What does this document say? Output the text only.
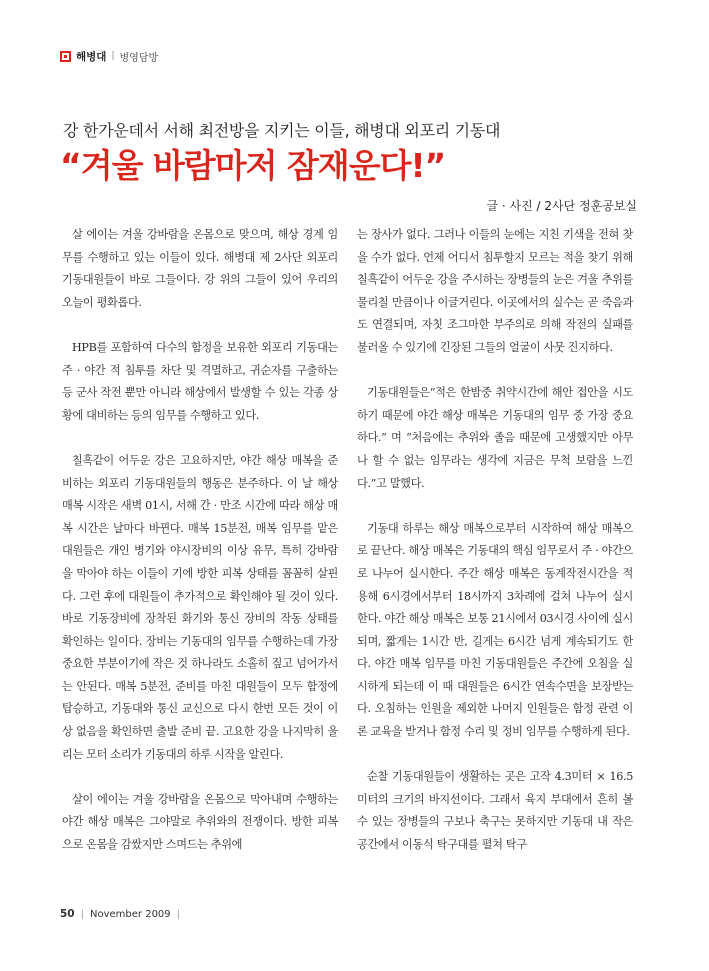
해병대 | 병영담방
강 한가운데서 서해 최전방을 지키는 이들, 해병대 외포리 기동대
“겨울 바람마저 잠재운다!”
글 · 사진 / 2사단 정훈공보실

살 에이는 겨울 강바람을 온몸으로 맞으며, 해상 경계 임무를 수행하고 있는 이들이 있다. 해병대 제 2사단 외포리 기동대원들이 바로 그들이다. 강 위의 그들이 있어 우리의 오늘이 평화롭다.

HPB를 포함하여 다수의 함정을 보유한 외포리 기동대는 주 · 야간 적 침투를 차단 및 격멸하고, 귀순자를 구출하는 등 군사 작전 뿐만 아니라 해상에서 발생할 수 있는 각종 상황에 대비하는 등의 임무를 수행하고 있다.

칠흑같이 어두운 강은 고요하지만, 야간 해상 매복을 준비하는 외포리 기동대원들의 행동은 분주하다. 이 날 해상 매복 시작은 새벽 01시, 서해 간 · 만조 시간에 따라 해상 매복 시간은 날마다 바뀐다. 매복 15분전, 매복 임무를 맡은 대원들은 개인 병기와 야시장비의 이상 유무, 특히 강바람을 막아야 하는 이들이 기에 방한 피복 상태를 꼼꼼히 살핀다. 그런 후에 대원들이 추가적으로 확인해야 될 것이 있다. 바로 기동장비에 장착된 화기와 통신 장비의 작동 상태를 확인하는 일이다. 장비는 기동대의 임무를 수행하는데 가장 중요한 부분이기에 작은 것 하나라도 소홀히 짚고 넘어가서는 안된다. 매복 5분전, 준비를 마친 대원들이 모두 함정에 탑승하고, 기동대와 통신 교신으로 다시 한번 모든 것이 이상 없음을 확인하면 출발 준비 끝. 고요한 강을 나지막히 울리는 모터 소리가 기동대의 하루 시작을 알린다.

살이 에이는 겨울 강바람을 온몸으로 막아내며 수행하는 야간 해상 매복은 그야말로 추위와의 전쟁이다. 방한 피복으로 온몸을 감쌌지만 스며드는 추위에

는 장사가 없다. 그러나 이들의 눈에는 지친 기색을 전혀 찾을 수가 없다. 언제 어디서 침투할지 모르는 적을 찾기 위해 칠흑같이 어두운 강을 주시하는 장병들의 눈은 겨울 추위를 물리칠 만큼이나 이글거린다. 이곳에서의 실수는 곧 죽음과도 연결되며, 자칫 조그마한 부주의로 의해 작전의 실패를 불러올 수 있기에 긴장된 그들의 얼굴이 사뭇 진지하다.

기동대원들은“적은 한밤중 취약시간에 해안 접안을 시도하기 때문에 야간 해상 매복은 기동대의 임무 중 가장 중요하다.” 며 “처음에는 추위와 졸음 때문에 고생했지만 아무나 할 수 없는 임무라는 생각에 지금은 무척 보람을 느낀다.”고 말했다.

기동대 하루는 해상 매복으로부터 시작하여 해상 매복으로 끝난다. 해상 매복은 기동대의 핵심 임무로서 주 · 야간으로 나누어 실시한다. 주간 해상 매복은 동계작전시간을 적용해 6시경에서부터 18시까지 3차례에 걸쳐 나누어 실시한다. 야간 해상 매복은 보통 21시에서 03시경 사이에 실시되며, 짧게는 1시간 반, 길게는 6시간 넘게 계속되기도 한다. 야간 매복 임무를 마친 기동대원들은 주간에 오침을 실시하게 되는데 이 때 대원들은 6시간 연속수면을 보장받는다. 오침하는 인원을 제외한 나머지 인원들은 함정 관련 이론 교육을 받거나 함정 수리 및 정비 임무를 수행하게 된다.

순찰 기동대원들이 생활하는 곳은 고작 4.3미터 × 16.5미터의 크기의 바지선이다. 그래서 육지 부대에서 흔히 볼 수 있는 장병들의 구보나 축구는 못하지만 기동대 내 작은 공간에서 이동식 탁구대를 펼쳐 탁구

50 | November 2009 |
